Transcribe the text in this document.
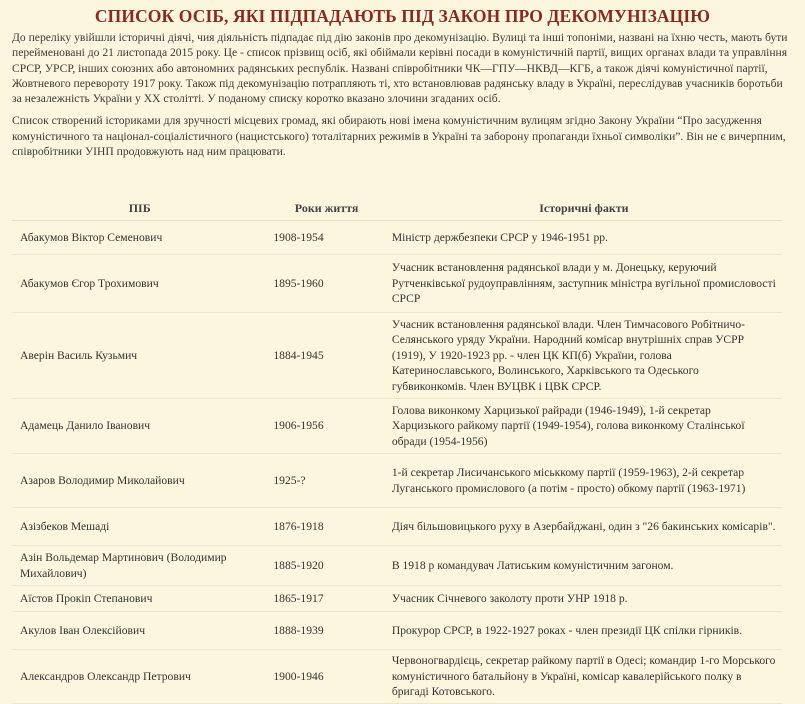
СПИСОК ОСІБ, ЯКІ ПІДПАДАЮТЬ ПІД ЗАКОН ПРО ДЕКОМУНІЗАЦІЮ

До переліку увійшли історичні діячі, чия діяльність підпадає під дію законів про декомунізацію. Вулиці та інші топоніми, названі на їхню честь, мають бути перейменовані до 21 листопада 2015 року. Це - список прізвищ осіб, які обіймали керівні посади в комуністичній партії, вищих органах влади та управління СРСР, УРСР, інших союзних або автономних радянських республік. Названі співробітники ЧК—ГПУ—НКВД—КГБ, а також діячі комуністичної партії, Жовтневого перевороту 1917 року. Також під декомунізацію потрапляють ті, хто встановлював радянську владу в Україні, переслідував учасників боротьби за незалежність України у ХХ столітті. У поданому списку коротко вказано злочини згаданих осіб.

Список створений істориками для зручності місцевих громад, які обирають нові імена комуністичним вулицям згідно Закону України “Про засудження комуністичного та націонал-соціалістичного (нацистського) тоталітарних режимів в Україні та заборону пропаганди їхньої символіки”. Він не є вичерпним, співробітники УІНП продовжують над ним працювати.

ПІБ	Роки життя	Історичні факти
Абакумов Віктор Семенович	1908-1954	Міністр держбезпеки СРСР у 1946-1951 рр.
Абакумов Єгор Трохимович	1895-1960	Учасник встановлення радянської влади у м. Донецьку, керуючий Рутченківської рудоуправлінням, заступник міністра вугільної промисловості СРСР
Аверін Василь Кузьмич	1884-1945	Учасник встановлення радянської влади. Член Тимчасового Робітничо-Селянського уряду України. Народний комісар внутрішніх справ УСРР (1919), У 1920-1923 рр. - член ЦК КП(б) України, голова Катеринославського, Волинського, Харківського та Одеського губвиконкомів. Член ВУЦВК і ЦВК СРСР.
Адамець Данило Іванович	1906-1956	Голова виконкому Харцизької райради (1946-1949), 1-й секретар Харцизького райкому партії (1949-1954), голова виконкому Сталінської обради (1954-1956)
Азаров Володимир Миколайович	1925-?	1-й секретар Лисичанського міськкому партії (1959-1963), 2-й секретар Луганського промислового (а потім - просто) обкому партії (1963-1971)
Азізбеков Мешаді	1876-1918	Діяч більшовицького руху в Азербайджані, один з "26 бакинських комісарів".
Азін Вольдемар Мартинович (Володимир Михайлович)	1885-1920	В 1918 р командувач Латиським комуністичним загоном.
Аїстов Прокіп Степанович	1865-1917	Учасник Січневого заколоту проти УНР 1918 р.
Акулов Іван Олексійович	1888-1939	Прокурор СРСР, в 1922-1927 роках - член президії ЦК спілки гірників.
Александров Олександр Петрович	1900-1946	Червоногвардієць, секретар райкому партії в Одесі; командир 1-го Морського комуністичного батальйону в Україні, комісар кавалерійського полку в бригаді Котовського.
